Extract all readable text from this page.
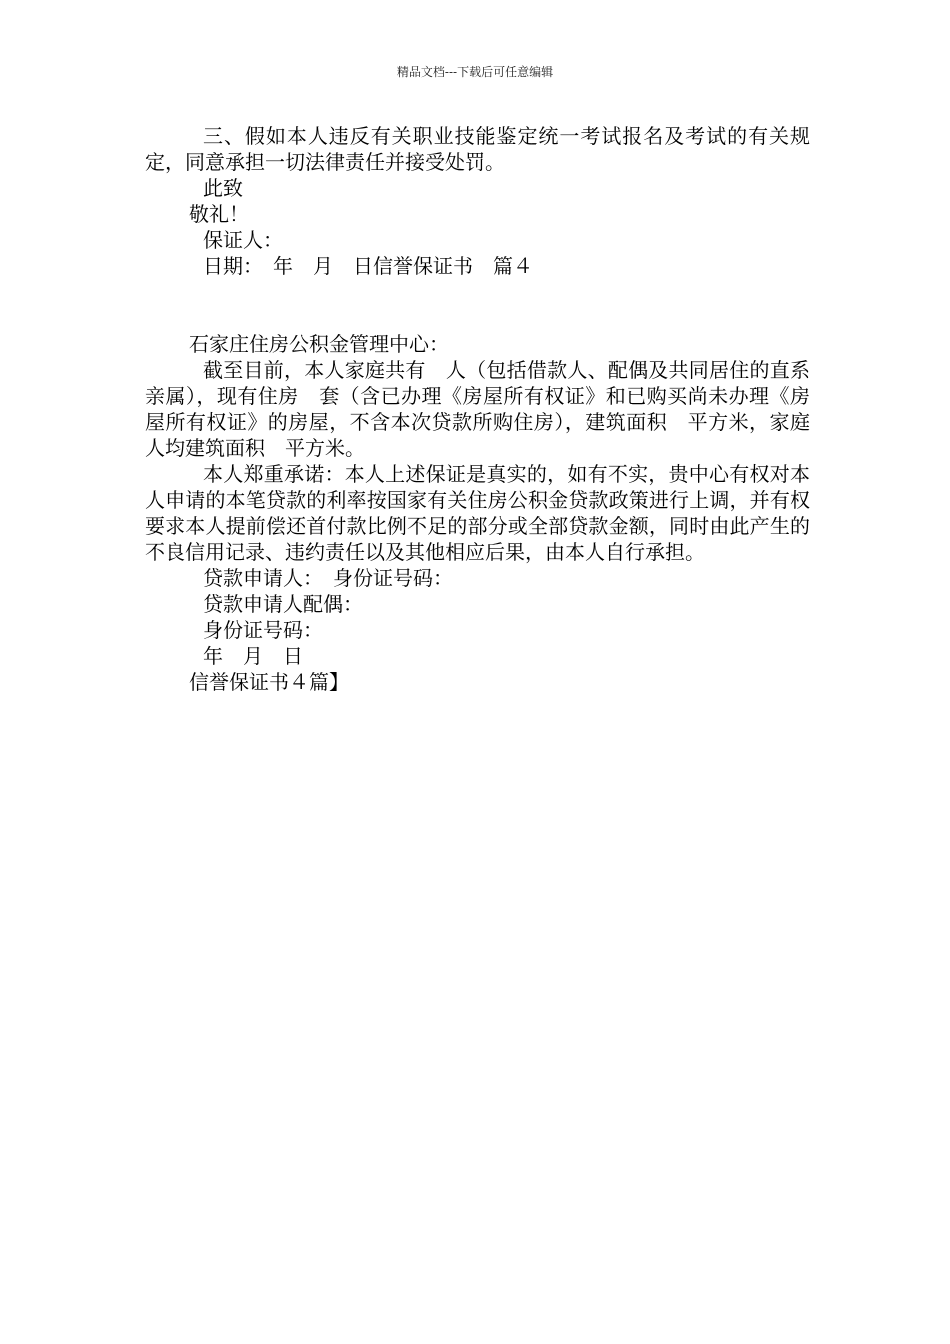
精品文档---下载后可任意编辑

三、假如本人违反有关职业技能鉴定统一考试报名及考试的有关规定，同意承担一切法律责任并接受处罚。

此致

敬礼！

保证人：

日期：　年　月　日信誉保证书　篇４

石家庄住房公积金管理中心：

截至目前，本人家庭共有　人（包括借款人、配偶及共同居住的直系亲属），现有住房　套（含已办理《房屋所有权证》和已购买尚未办理《房屋所有权证》的房屋，不含本次贷款所购住房），建筑面积　平方米，家庭人均建筑面积　平方米。

本人郑重承诺：本人上述保证是真实的，如有不实，贵中心有权对本人申请的本笔贷款的利率按国家有关住房公积金贷款政策进行上调，并有权要求本人提前偿还首付款比例不足的部分或全部贷款金额，同时由此产生的不良信用记录、违约责任以及其他相应后果，由本人自行承担。

贷款申请人：　身份证号码：

贷款申请人配偶：

身份证号码：

年　月　日

信誉保证书４篇】
